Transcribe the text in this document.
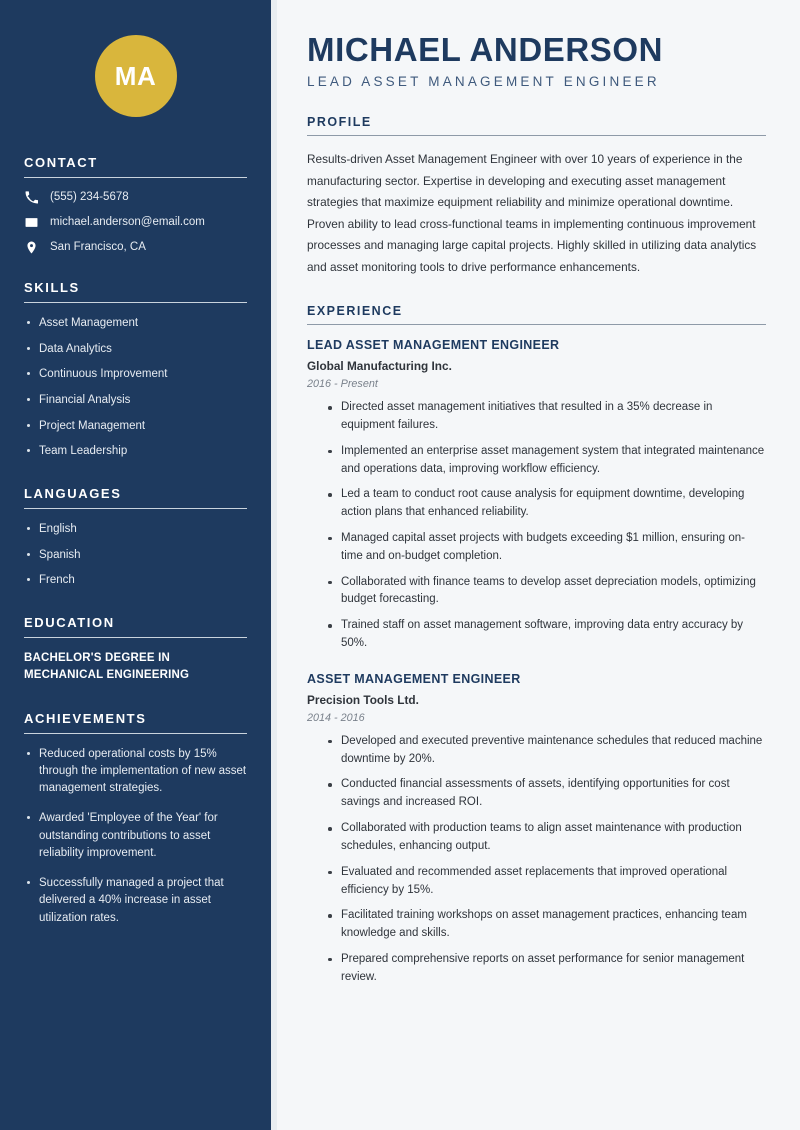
MA
CONTACT
(555) 234-5678
michael.anderson@email.com
San Francisco, CA
SKILLS
Asset Management
Data Analytics
Continuous Improvement
Financial Analysis
Project Management
Team Leadership
LANGUAGES
English
Spanish
French
EDUCATION
BACHELOR'S DEGREE IN MECHANICAL ENGINEERING
ACHIEVEMENTS
Reduced operational costs by 15% through the implementation of new asset management strategies.
Awarded 'Employee of the Year' for outstanding contributions to asset reliability improvement.
Successfully managed a project that delivered a 40% increase in asset utilization rates.
MICHAEL ANDERSON
LEAD ASSET MANAGEMENT ENGINEER
PROFILE

Results-driven Asset Management Engineer with over 10 years of experience in the manufacturing sector. Expertise in developing and executing asset management strategies that maximize equipment reliability and minimize operational downtime. Proven ability to lead cross-functional teams in implementing continuous improvement processes and managing large capital projects. Highly skilled in utilizing data analytics and asset monitoring tools to drive performance enhancements.

EXPERIENCE
LEAD ASSET MANAGEMENT ENGINEER
Global Manufacturing Inc.
2016 - Present
Directed asset management initiatives that resulted in a 35% decrease in equipment failures.
Implemented an enterprise asset management system that integrated maintenance and operations data, improving workflow efficiency.
Led a team to conduct root cause analysis for equipment downtime, developing action plans that enhanced reliability.
Managed capital asset projects with budgets exceeding $1 million, ensuring on-time and on-budget completion.
Collaborated with finance teams to develop asset depreciation models, optimizing budget forecasting.
Trained staff on asset management software, improving data entry accuracy by 50%.
ASSET MANAGEMENT ENGINEER
Precision Tools Ltd.
2014 - 2016
Developed and executed preventive maintenance schedules that reduced machine downtime by 20%.
Conducted financial assessments of assets, identifying opportunities for cost savings and increased ROI.
Collaborated with production teams to align asset maintenance with production schedules, enhancing output.
Evaluated and recommended asset replacements that improved operational efficiency by 15%.
Facilitated training workshops on asset management practices, enhancing team knowledge and skills.
Prepared comprehensive reports on asset performance for senior management review.
